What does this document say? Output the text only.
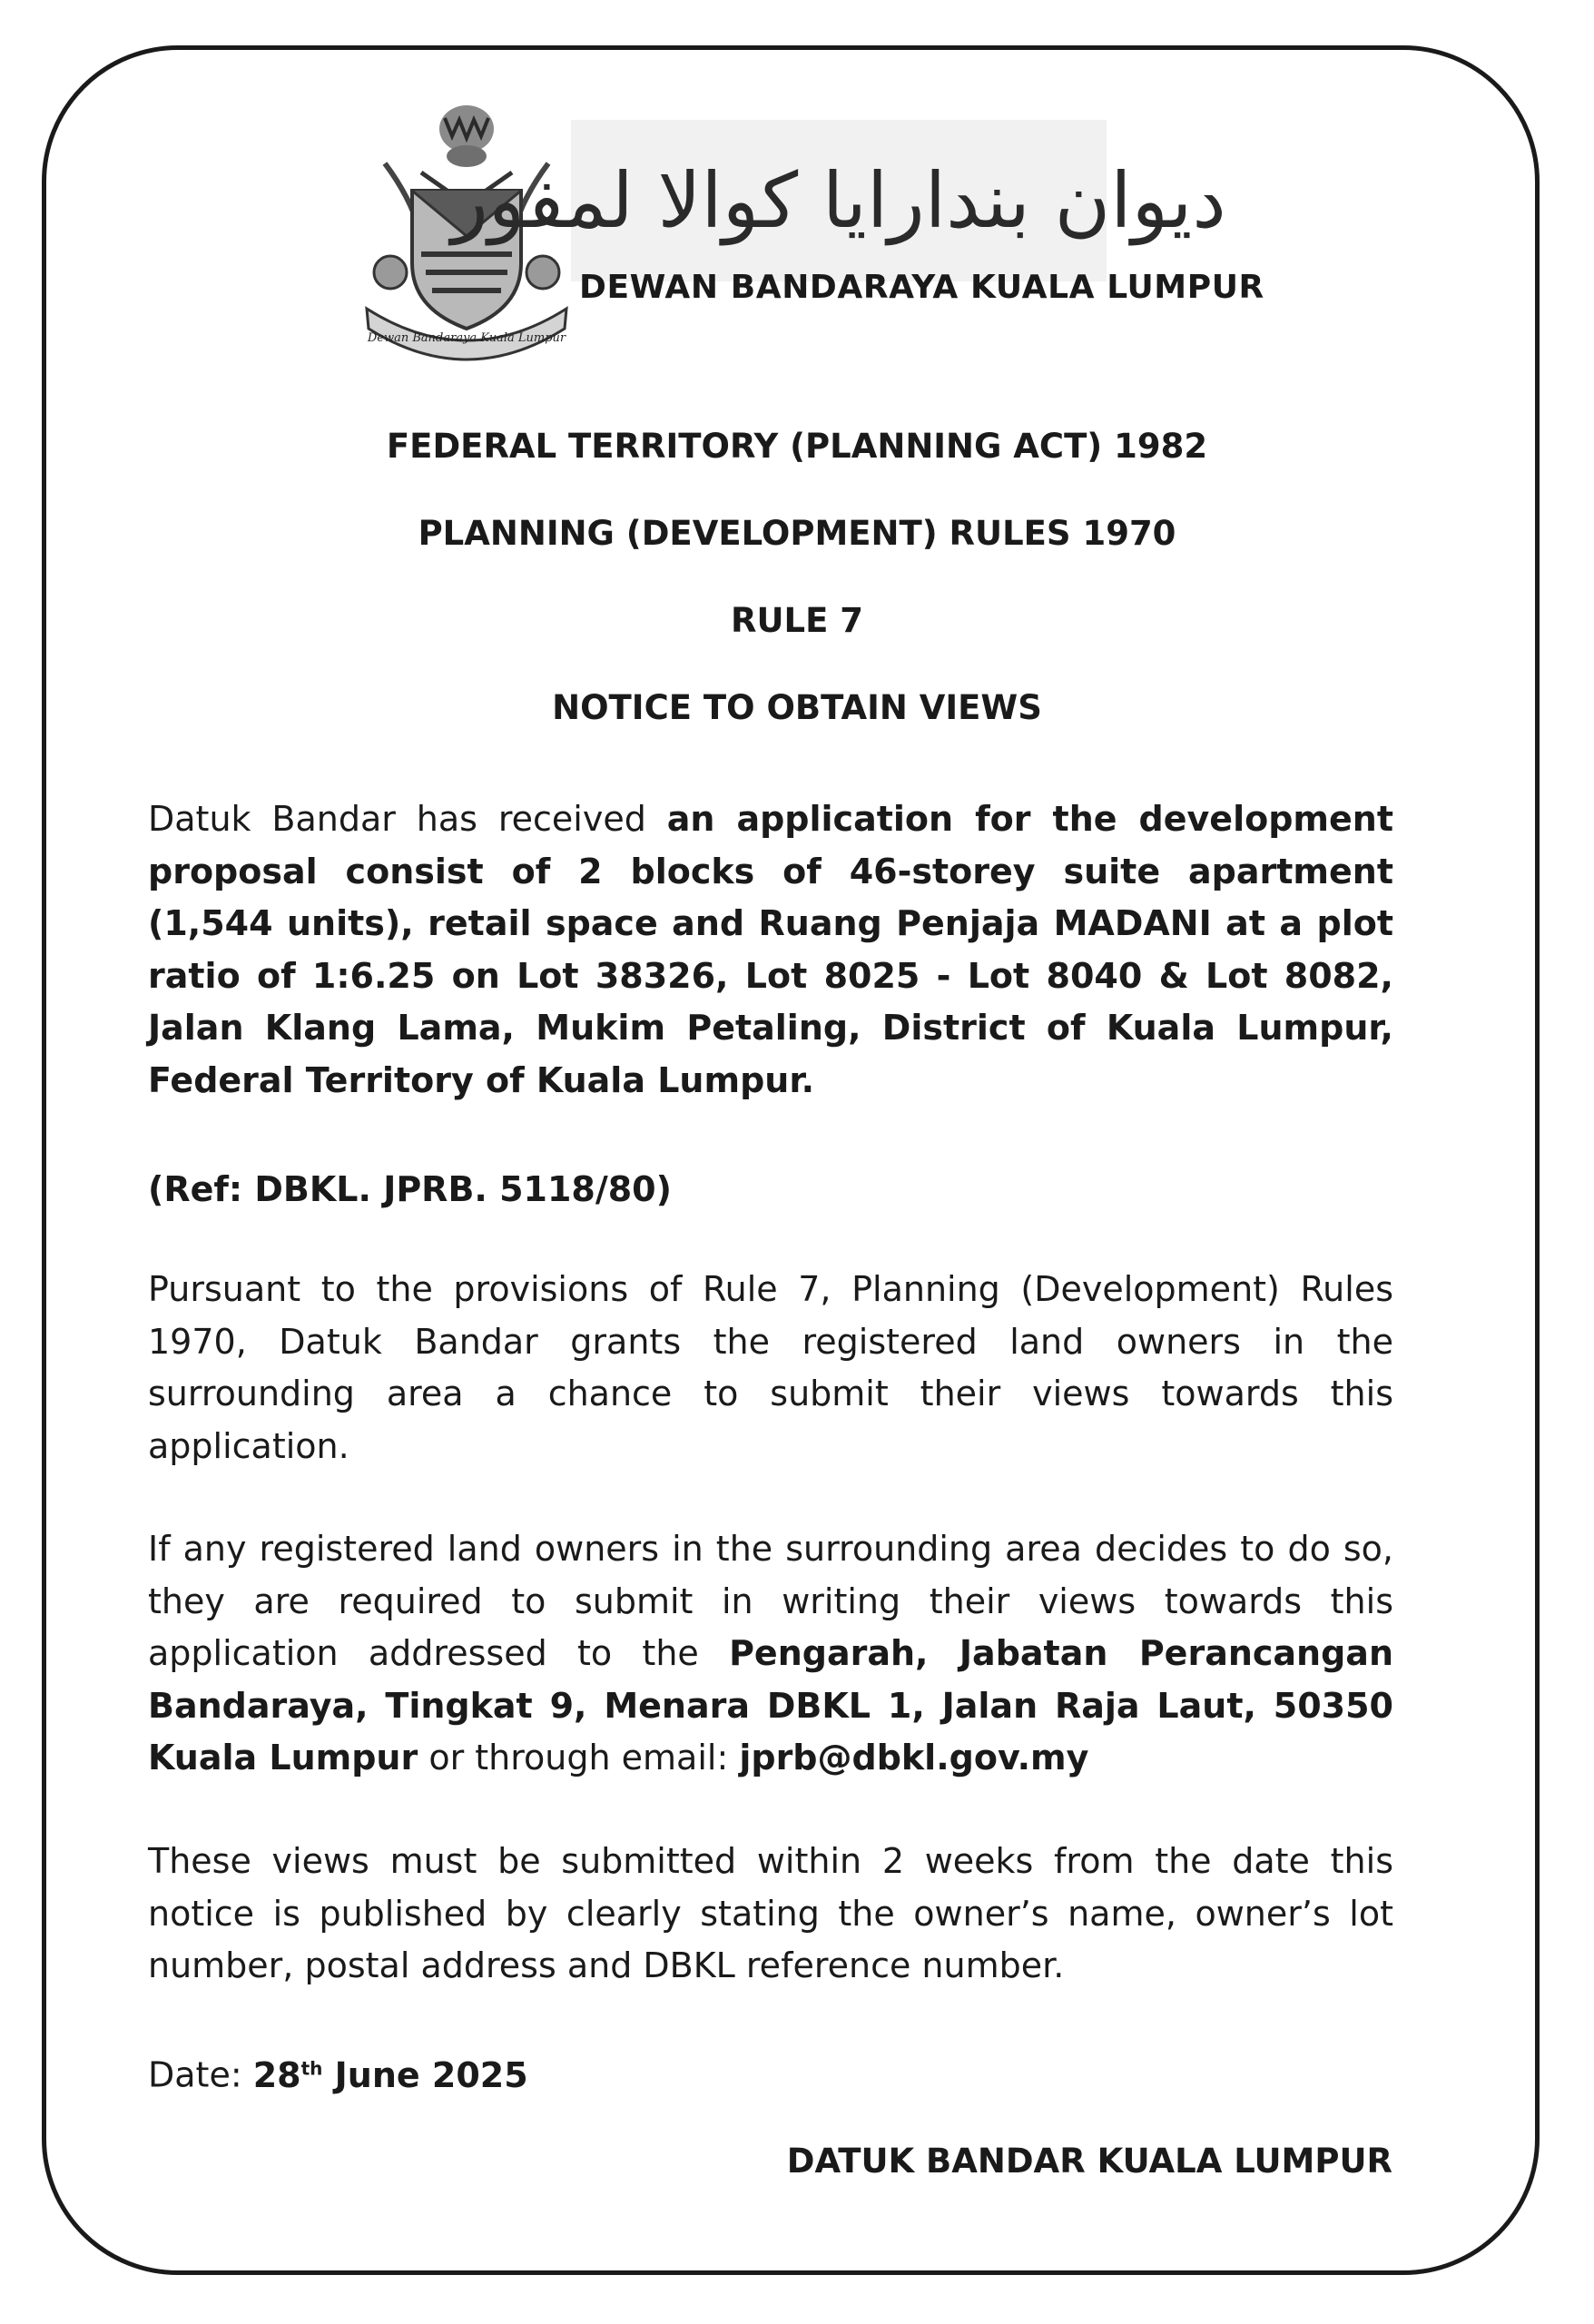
Dewan Bandaraya Kuala Lumpur
ديوان بندارايا كوالا لمفور
DEWAN BANDARAYA KUALA LUMPUR
FEDERAL TERRITORY (PLANNING ACT) 1982
PLANNING (DEVELOPMENT) RULES 1970
RULE 7
NOTICE TO OBTAIN VIEWS
Datuk Bandar has received an application for the development proposal consist of 2 blocks of 46-storey suite apartment (1,544 units), retail space and Ruang Penjaja MADANI at a plot ratio of 1:6.25 on Lot 38326, Lot 8025 - Lot 8040 & Lot 8082, Jalan Klang Lama, Mukim Petaling, District of Kuala Lumpur, Federal Territory of Kuala Lumpur.
(Ref: DBKL. JPRB. 5118/80)
Pursuant to the provisions of Rule 7, Planning (Development) Rules 1970, Datuk Bandar grants the registered land owners in the surrounding area a chance to submit their views towards this application.
If any registered land owners in the surrounding area decides to do so, they are required to submit in writing their views towards this application addressed to the Pengarah, Jabatan Perancangan Bandaraya, Tingkat 9, Menara DBKL 1, Jalan Raja Laut, 50350 Kuala Lumpur or through email: jprb@dbkl.gov.my
These views must be submitted within 2 weeks from the date this notice is published by clearly stating the owner’s name, owner’s lot number, postal address and DBKL reference number.
Date: 28th June 2025
DATUK BANDAR KUALA LUMPUR
